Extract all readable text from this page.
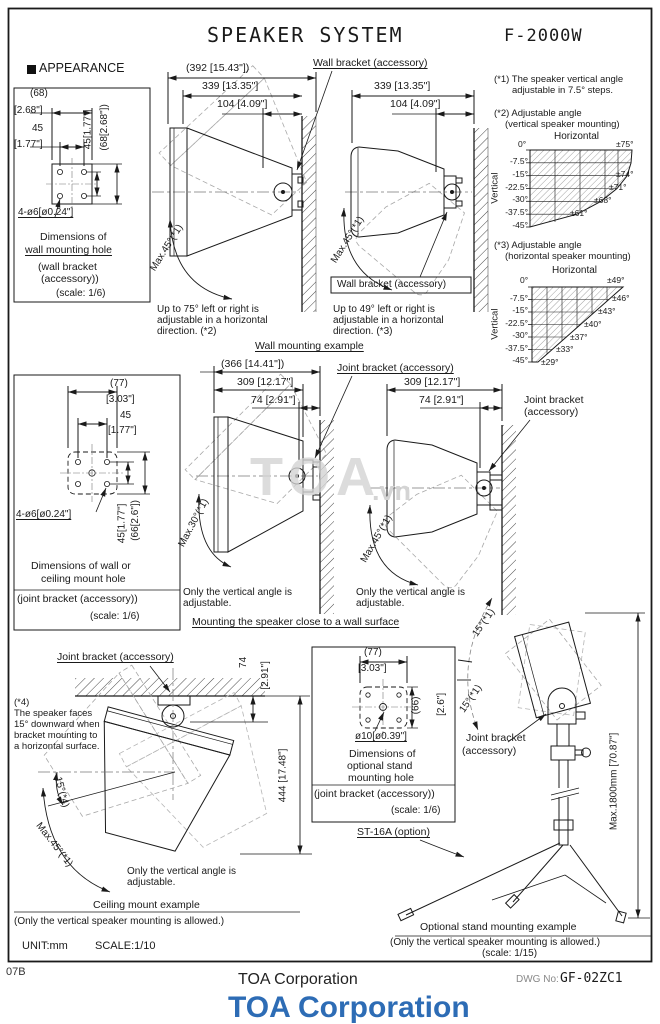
SPEAKER SYSTEM	F-2000W
APPEARANCE
(68)
[2.68"]
45
[1.77"]	45[1.77"] (68[2.68"])
4-ø6[ø0.24"]
Dimensions of
wall mounting hole
(wall bracket
(accessory))
(scale: 1/6)
(392 [15.43"])
339 [13.35"]
104 [4.09"]
Wall bracket (accessory)
Max.45°(*1)
Up to 75° left or right is
adjustable in a horizontal
direction. (*2)
339 [13.35"]
104 [4.09"]
Wall bracket (accessory)
Max.45°(*1)
Up to 49° left or right is
adjustable in a horizontal
direction. (*3)
Wall mounting example
(*1) The speaker vertical angle
adjustable in 7.5° steps.
(*2) Adjustable angle
(vertical speaker mounting)
(*3) Adjustable angle
(horizontal speaker mounting)
Horizontal
0°	±75°
Vertical
-7.5°
-15°
-22.5°
-30°
-37.5°
-45°
±74°
±71°
±68°
±61°
Horizontal
0°	±49°
Vertical
-7.5°
-15°
-22.5°
-30°
-37.5°
-45°
±46°
±43°
±40°
±37°
±33°
±29°
(77)
[3.03"]
45
[1.77"]
45[1.77"] (66[2.6"])
4-ø6[ø0.24"]
Dimensions of wall or
ceiling mount hole
(joint bracket (accessory))
(scale: 1/6)
(366 [14.41"])
309 [12.17"]
74 [2.91"]
Joint bracket (accessory)
Max.30°(*1)
Only the vertical angle is
adjustable.
309 [12.17"]
74 [2.91"]	Joint bracket
(accessory)
Max.45°(*1)
Only the vertical angle is
adjustable.
Mounting the speaker close to a wall surface
TOA
.vn
Joint bracket (accessory)
(*4)
The speaker faces
15° downward when
bracket mounting to
a horizontal surface.
15°(*4)
Max.45°(*1)
74 [2.91"]
444 [17.48"]
Only the vertical angle is
adjustable.
Ceiling mount example
(Only the vertical speaker mounting is allowed.)
UNIT:mm SCALE:1/10
(77)
[3.03"]
(66) [2.6"]
ø10[ø0.39"]
Dimensions of
optional stand
mounting hole
(joint bracket (accessory))
(scale: 1/6)
ST-16A (option)
15°(*1)
15°(*1)
Joint bracket
(accessory)	Max.1800mm [70.87"]
Optional stand mounting example
(Only the vertical speaker mounting is allowed.)
(scale: 1/15)
07B	TOA Corporation	DWG No: GF-02ZC1
TOA Corporation
